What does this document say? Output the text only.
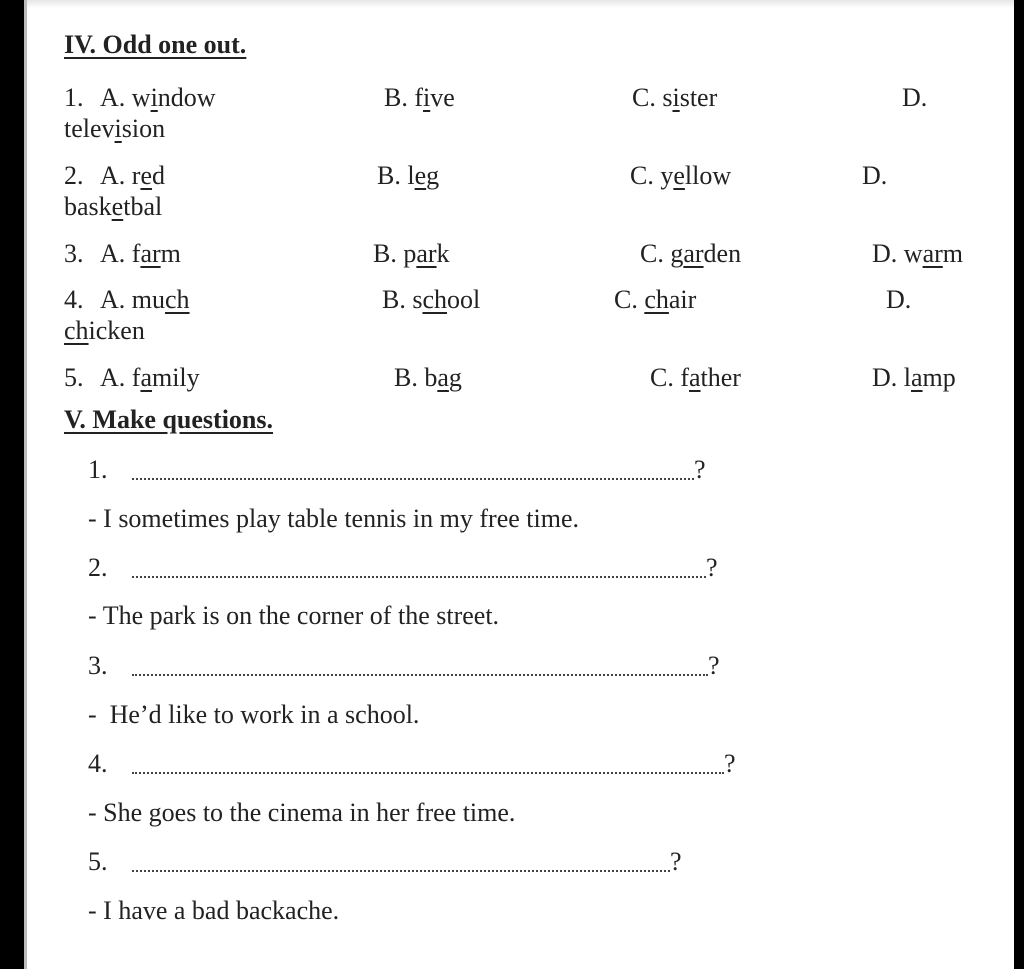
IV. Odd one out.
1. A. window	B. five	C. sister	D.
television
2. A. red	B. leg	C. yellow	D.
basketbal
3. A. farm	B. park	C. garden	D. warm
4. A. much	B. school	C. chair	D.
chicken
5. A. family	B. bag	C. father	D. lamp
V. Make questions.
1.	?
- I sometimes play table tennis in my free time.
2.	?
- The park is on the corner of the street.
3.	?
-  He’d like to work in a school.
4.	?
- She goes to the cinema in her free time.
5.	?
- I have a bad backache.
